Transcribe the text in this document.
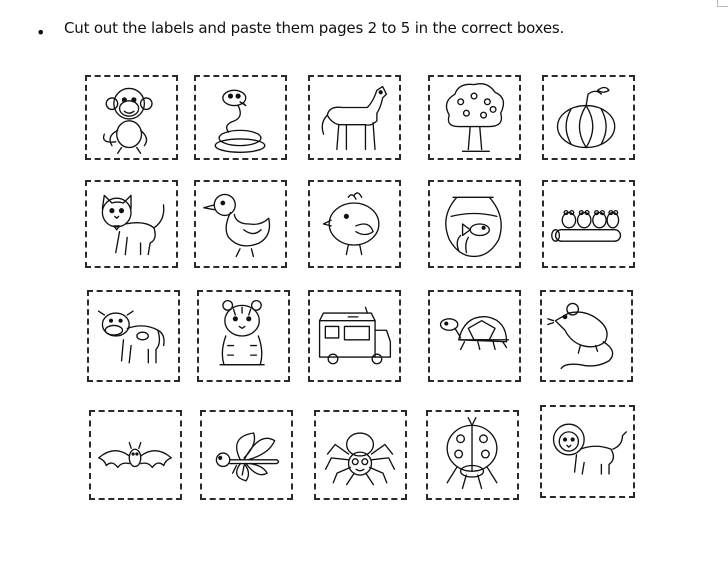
• Cut out the labels and paste them pages 2 to 5 in the correct boxes.
